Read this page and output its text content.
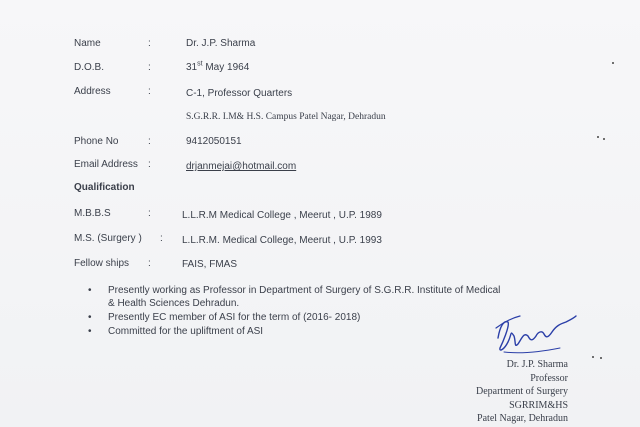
Name	:	Dr. J.P. Sharma
D.O.B.	:	31st May 1964
Address	:	C-1, Professor Quarters
S.G.R.R. I.M& H.S. Campus Patel Nagar, Dehradun
Phone No	:	9412050151
Email Address :	drjanmejai@hotmail.com
Qualification
M.B.B.S	:	L.L.R.M Medical College , Meerut , U.P. 1989
M.S. (Surgery ) : L.L.R.M. Medical College, Meerut , U.P. 1993
Fellow ships :	FAIS, FMAS
• Presently working as Professor in Department of Surgery of S.G.R.R. Institute of Medical & Health Sciences Dehradun.
• Presently EC member of ASI for the term of (2016- 2018)
• Committed for the upliftment of ASI
Dr. J.P. Sharma
Professor
Department of Surgery
SGRRIM&HS
Patel Nagar, Dehradun
